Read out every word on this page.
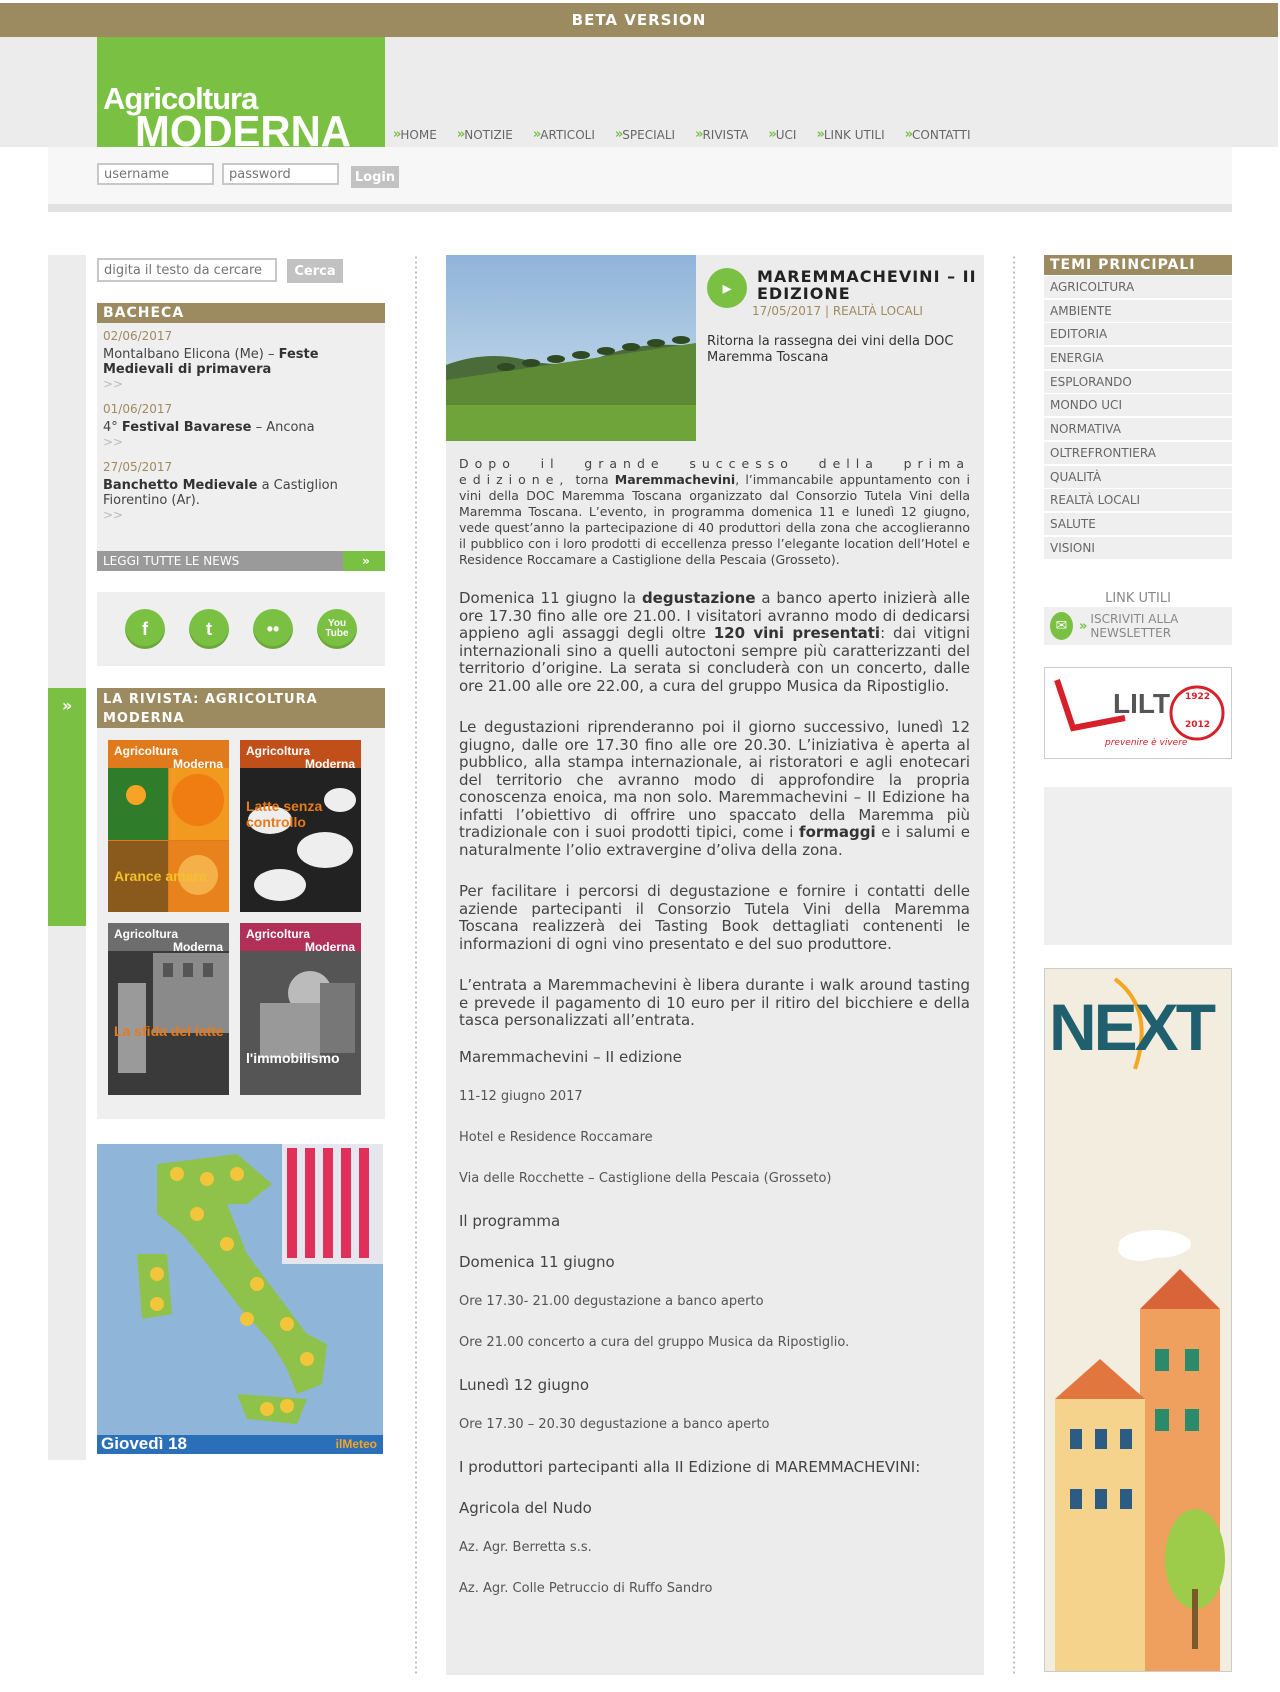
BETA VERSION
Agricoltura
MODERNA	» HOME » NOTIZIE » ARTICOLI » SPECIALI » RIVISTA » UCI » LINK UTILI » CONTATTI
username
Login
»
digita il testo da cercare
Cerca
BACHECA
02/06/2017
Montalbano Elicona (Me) – Feste Medievali di primavera
>>
01/06/2017
4° Festival Bavarese – Ancona
>>
27/05/2017
Banchetto Medievale a Castiglion Fiorentino (Ar).
>>
LEGGI TUTTE LE NEWS	»
f	t	••	You Tube
LA RIVISTA: AGRICOLTURA MODERNA
Agricoltura
Moderna
Arance amare
Agricoltura
Moderna
Latte senza controllo
Agricoltura
Moderna
La sfida del latte
Agricoltura
Moderna
l'immobilismo
Giovedì 18	ilMeteo
▸
MAREMMACHEVINI – II EDIZIONE
17/05/2017 | REALTÀ LOCALI
Ritorna la rassegna dei vini della DOC Maremma Toscana

Dopo il grande successo della prima edizione, torna Maremmachevini, l’immancabile appuntamento con i vini della DOC Maremma Toscana organizzato dal Consorzio Tutela Vini della Maremma Toscana. L’evento, in programma domenica 11 e lunedì 12 giugno, vede quest’anno la partecipazione di 40 produttori della zona che accoglieranno il pubblico con i loro prodotti di eccellenza presso l’elegante location dell’Hotel e Residence Roccamare a Castiglione della Pescaia (Grosseto).

Domenica 11 giugno la degustazione a banco aperto inizierà alle ore 17.30 fino alle ore 21.00. I visitatori avranno modo di dedicarsi appieno agli assaggi degli oltre 120 vini presentati: dai vitigni internazionali sino a quelli autoctoni sempre più caratterizzanti del territorio d’origine. La serata si concluderà con un concerto, dalle ore 21.00 alle ore 22.00, a cura del gruppo Musica da Ripostiglio.

Le degustazioni riprenderanno poi il giorno successivo, lunedì 12 giugno, dalle ore 17.30 fino alle ore 20.30. L’iniziativa è aperta al pubblico, alla stampa internazionale, ai ristoratori e agli enotecari del territorio che avranno modo di approfondire la propria conoscenza enoica, ma non solo. Maremmachevini – II Edizione ha infatti l’obiettivo di offrire uno spaccato della Maremma più tradizionale con i suoi prodotti tipici, come i formaggi e i salumi e naturalmente l’olio extravergine d’oliva della zona.

Per facilitare i percorsi di degustazione e fornire i contatti delle aziende partecipanti il Consorzio Tutela Vini della Maremma Toscana realizzerà dei Tasting Book dettagliati contenenti le informazioni di ogni vino presentato e del suo produttore.

L’entrata a Maremmachevini è libera durante i walk around tasting e prevede il pagamento di 10 euro per il ritiro del bicchiere e della tasca personalizzati all’entrata.

Maremmachevini – II edizione
11-12 giugno 2017
Hotel e Residence Roccamare
Via delle Rocchette – Castiglione della Pescaia (Grosseto)
Il programma
Domenica 11 giugno
Ore 17.30- 21.00 degustazione a banco aperto
Ore 21.00 concerto a cura del gruppo Musica da Ripostiglio.
Lunedì 12 giugno
Ore 17.30 – 20.30 degustazione a banco aperto
I produttori partecipanti alla II Edizione di MAREMMACHEVINI:
Agricola del Nudo
Az. Agr. Berretta s.s.
Az. Agr. Colle Petruccio di Ruffo Sandro
TEMI PRINCIPALI
AGRICOLTURA
AMBIENTE
EDITORIA
ENERGIA
ESPLORANDO
MONDO UCI
NORMATIVA
OLTREFRONTIERA
QUALITÀ
REALTÀ LOCALI
SALUTE
VISIONI
LINK UTILI
✉ » ISCRIVITI ALLA NEWSLETTER
LILT 1922
2012
prevenire è vivere
NEXT
